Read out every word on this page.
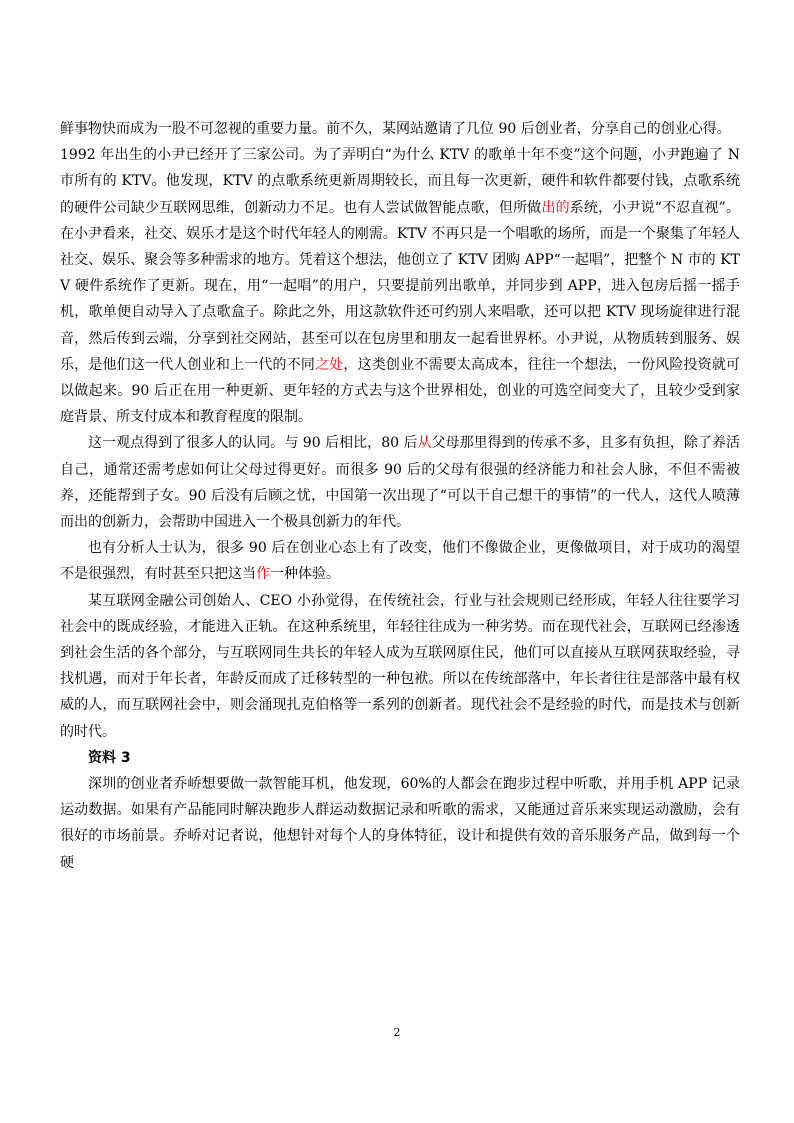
鲜事物快而成为一股不可忽视的重要力量。前不久，某网站邀请了几位 90 后创业者，分享自己的创业心得。

1992 年出生的小尹已经开了三家公司。为了弄明白“为什么 KTV 的歌单十年不变”这个问题，小尹跑遍了 N 市所有的 KTV。他发现，KTV 的点歌系统更新周期较长，而且每一次更新，硬件和软件都要付钱，点歌系统的硬件公司缺少互联网思维，创新动力不足。也有人尝试做智能点歌，但所做出的系统，小尹说“不忍直视”。在小尹看来，社交、娱乐才是这个时代年轻人的刚需。KTV 不再只是一个唱歌的场所，而是一个聚集了年轻人社交、娱乐、聚会等多种需求的地方。凭着这个想法，他创立了 KTV 团购 APP“一起唱”，把整个 N 市的 KTV 硬件系统作了更新。现在，用“一起唱”的用户，只要提前列出歌单，并同步到 APP，进入包房后摇一摇手机，歌单便自动导入了点歌盒子。除此之外，用这款软件还可约别人来唱歌，还可以把 KTV 现场旋律进行混音，然后传到云端，分享到社交网站，甚至可以在包房里和朋友一起看世界杯。小尹说，从物质转到服务、娱乐，是他们这一代人创业和上一代的不同之处，这类创业不需要太高成本，往往一个想法，一份风险投资就可以做起来。90 后正在用一种更新、更年轻的方式去与这个世界相处，创业的可选空间变大了，且较少受到家庭背景、所支付成本和教育程度的限制。

这一观点得到了很多人的认同。与 90 后相比，80 后从父母那里得到的传承不多，且多有负担，除了养活自己，通常还需考虑如何让父母过得更好。而很多 90 后的父母有很强的经济能力和社会人脉，不但不需被养，还能帮到子女。90 后没有后顾之忧，中国第一次出现了“可以干自己想干的事情”的一代人，这代人喷薄而出的创新力，会帮助中国进入一个极具创新力的年代。

也有分析人士认为，很多 90 后在创业心态上有了改变，他们不像做企业，更像做项目，对于成功的渴望不是很强烈，有时甚至只把这当作一种体验。

某互联网金融公司创始人、CEO 小孙觉得，在传统社会，行业与社会规则已经形成，年轻人往往要学习社会中的既成经验，才能进入正轨。在这种系统里，年轻往往成为一种劣势。而在现代社会，互联网已经渗透到社会生活的各个部分，与互联网同生共长的年轻人成为互联网原住民，他们可以直接从互联网获取经验，寻找机遇，而对于年长者，年龄反而成了迁移转型的一种包袱。所以在传统部落中，年长者往往是部落中最有权威的人，而互联网社会中，则会涌现扎克伯格等一系列的创新者。现代社会不是经验的时代，而是技术与创新的时代。

资料 3

深圳的创业者乔峤想要做一款智能耳机，他发现，60%的人都会在跑步过程中听歌，并用手机 APP 记录运动数据。如果有产品能同时解决跑步人群运动数据记录和听歌的需求，又能通过音乐来实现运动激励，会有很好的市场前景。乔峤对记者说，他想针对每个人的身体特征，设计和提供有效的音乐服务产品，做到每一个硬

2
